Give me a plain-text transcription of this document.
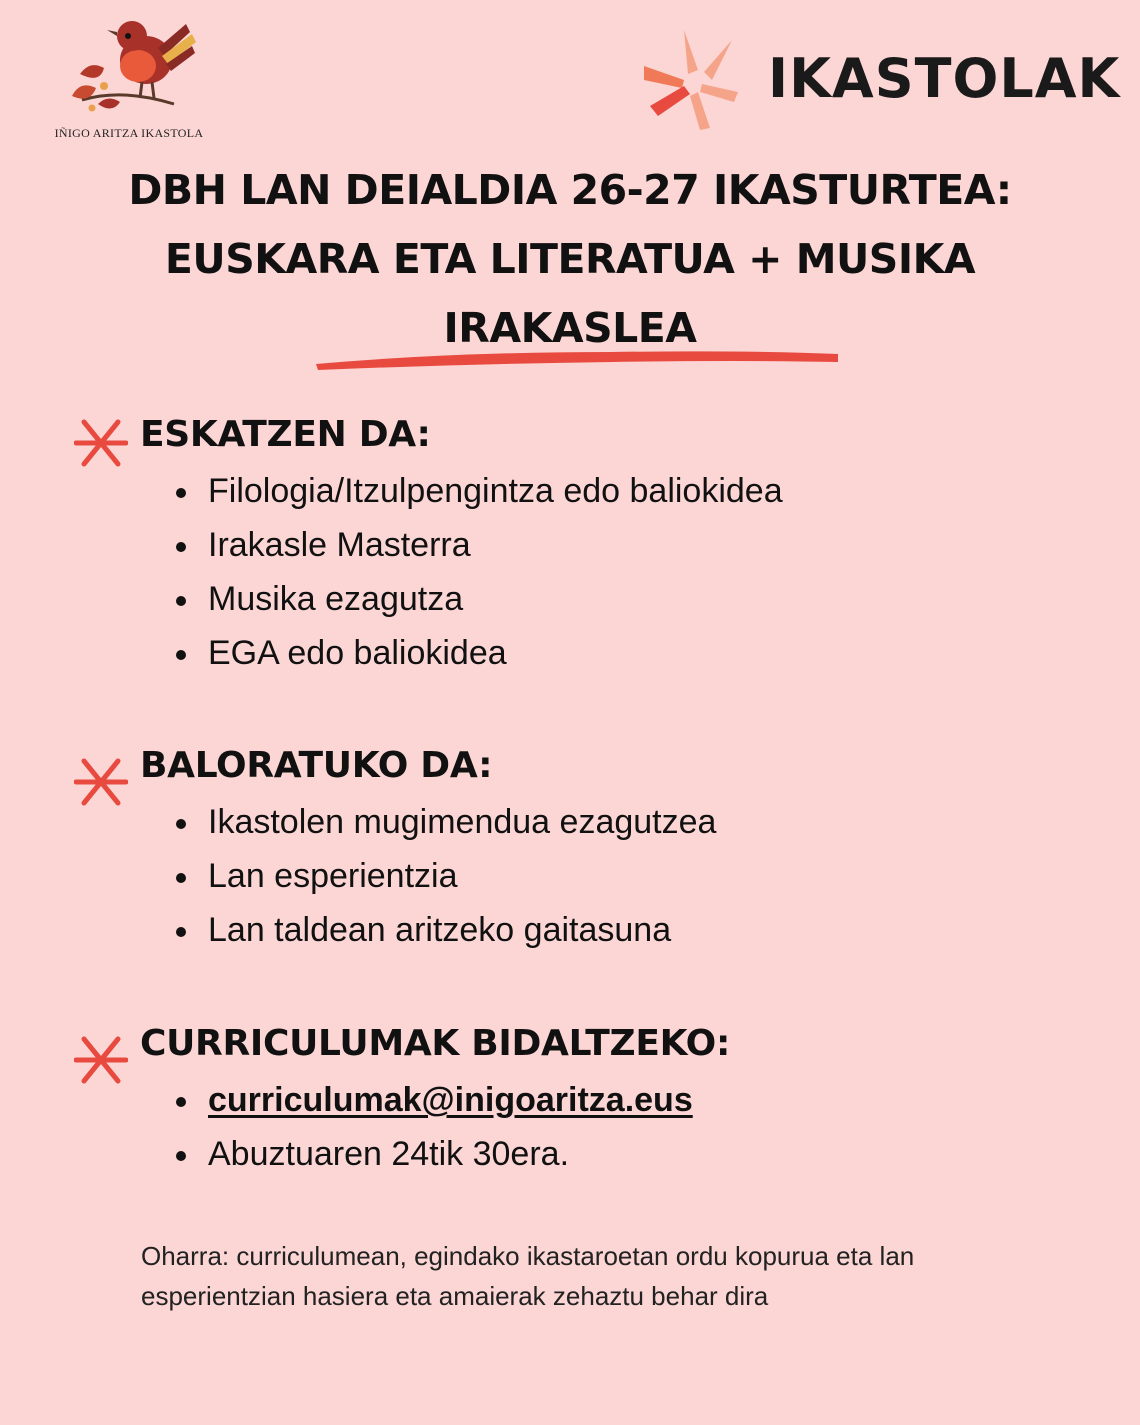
IÑIGO ARITZA IKASTOLA
IKASTOLAK
DBH LAN DEIALDIA 26-27 IKASTURTEA:
EUSKARA ETA LITERATUA + MUSIKA
IRAKASLEA
ESKATZEN DA:
Filologia/Itzulpengintza edo baliokidea
Irakasle Masterra
Musika ezagutza
EGA edo baliokidea
BALORATUKO DA:
Ikastolen mugimendua ezagutzea
Lan esperientzia
Lan taldean aritzeko gaitasuna
CURRICULUMAK BIDALTZEKO:
curriculumak@inigoaritza.eus
Abuztuaren 24tik 30era.
Oharra: curriculumean, egindako ikastaroetan ordu kopurua eta lan
esperientzian hasiera eta amaierak zehaztu behar dira
